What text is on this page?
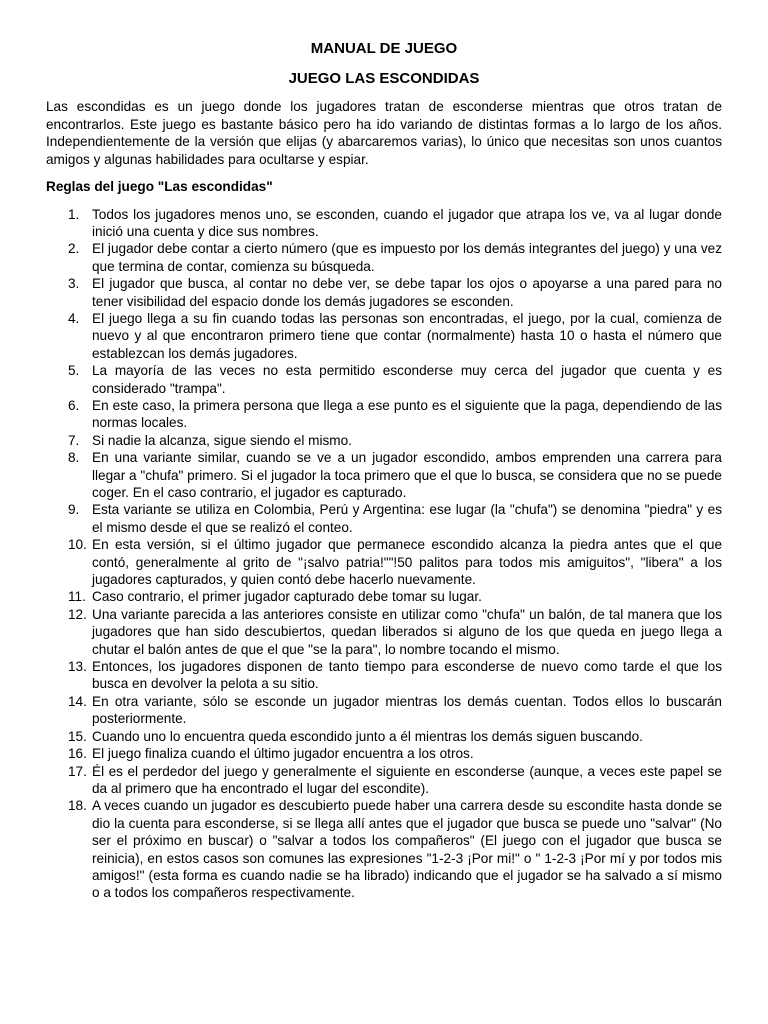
MANUAL DE JUEGO
JUEGO LAS ESCONDIDAS

Las escondidas es un juego donde los jugadores tratan de esconderse mientras que otros tratan de encontrarlos. Este juego es bastante básico pero ha ido variando de distintas formas a lo largo de los años. Independientemente de la versión que elijas (y abarcaremos varias), lo único que necesitas son unos cuantos amigos y algunas habilidades para ocultarse y espiar.

Reglas del juego "Las escondidas"

1. Todos los jugadores menos uno, se esconden, cuando el jugador que atrapa los ve, va al lugar donde inició una cuenta y dice sus nombres.
2. El jugador debe contar a cierto número (que es impuesto por los demás integrantes del juego) y una vez que termina de contar, comienza su búsqueda.
3. El jugador que busca, al contar no debe ver, se debe tapar los ojos o apoyarse a una pared para no tener visibilidad del espacio donde los demás jugadores se esconden.
4. El juego llega a su fin cuando todas las personas son encontradas, el juego, por la cual, comienza de nuevo y al que encontraron primero tiene que contar (normalmente) hasta 10 o hasta el número que establezcan los demás jugadores.
5. La mayoría de las veces no esta permitido esconderse muy cerca del jugador que cuenta y es considerado "trampa".
6. En este caso, la primera persona que llega a ese punto es el siguiente que la paga, dependiendo de las normas locales.
7. Si nadie la alcanza, sigue siendo el mismo.
8. En una variante similar, cuando se ve a un jugador escondido, ambos emprenden una carrera para llegar a "chufa" primero. Si el jugador la toca primero que el que lo busca, se considera que no se puede coger. En el caso contrario, el jugador es capturado.
9. Esta variante se utiliza en Colombia, Perú y Argentina: ese lugar (la "chufa") se denomina "piedra" y es el mismo desde el que se realizó el conteo.
10. En esta versión, si el último jugador que permanece escondido alcanza la piedra antes que el que contó, generalmente al grito de "¡salvo patria!""!50 palitos para todos mis amiguitos", "libera" a los jugadores capturados, y quien contó debe hacerlo nuevamente.
11. Caso contrario, el primer jugador capturado debe tomar su lugar.
12. Una variante parecida a las anteriores consiste en utilizar como "chufa" un balón, de tal manera que los jugadores que han sido descubiertos, quedan liberados si alguno de los que queda en juego llega a chutar el balón antes de que el que "se la para", lo nombre tocando el mismo.
13. Entonces, los jugadores disponen de tanto tiempo para esconderse de nuevo como tarde el que los busca en devolver la pelota a su sitio.
14. En otra variante, sólo se esconde un jugador mientras los demás cuentan. Todos ellos lo buscarán posteriormente.
15. Cuando uno lo encuentra queda escondido junto a él mientras los demás siguen buscando.
16. El juego finaliza cuando el último jugador encuentra a los otros.
17. Él es el perdedor del juego y generalmente el siguiente en esconderse (aunque, a veces este papel se da al primero que ha encontrado el lugar del escondite).
18. A veces cuando un jugador es descubierto puede haber una carrera desde su escondite hasta donde se dio la cuenta para esconderse, si se llega allí antes que el jugador que busca se puede uno "salvar" (No ser el próximo en buscar) o "salvar a todos los compañeros" (El juego con el jugador que busca se reinicia), en estos casos son comunes las expresiones "1-2-3 ¡Por mi!" o " 1-2-3 ¡Por mí y por todos mis amigos!" (esta forma es cuando nadie se ha librado) indicando que el jugador se ha salvado a sí mismo o a todos los compañeros respectivamente.
